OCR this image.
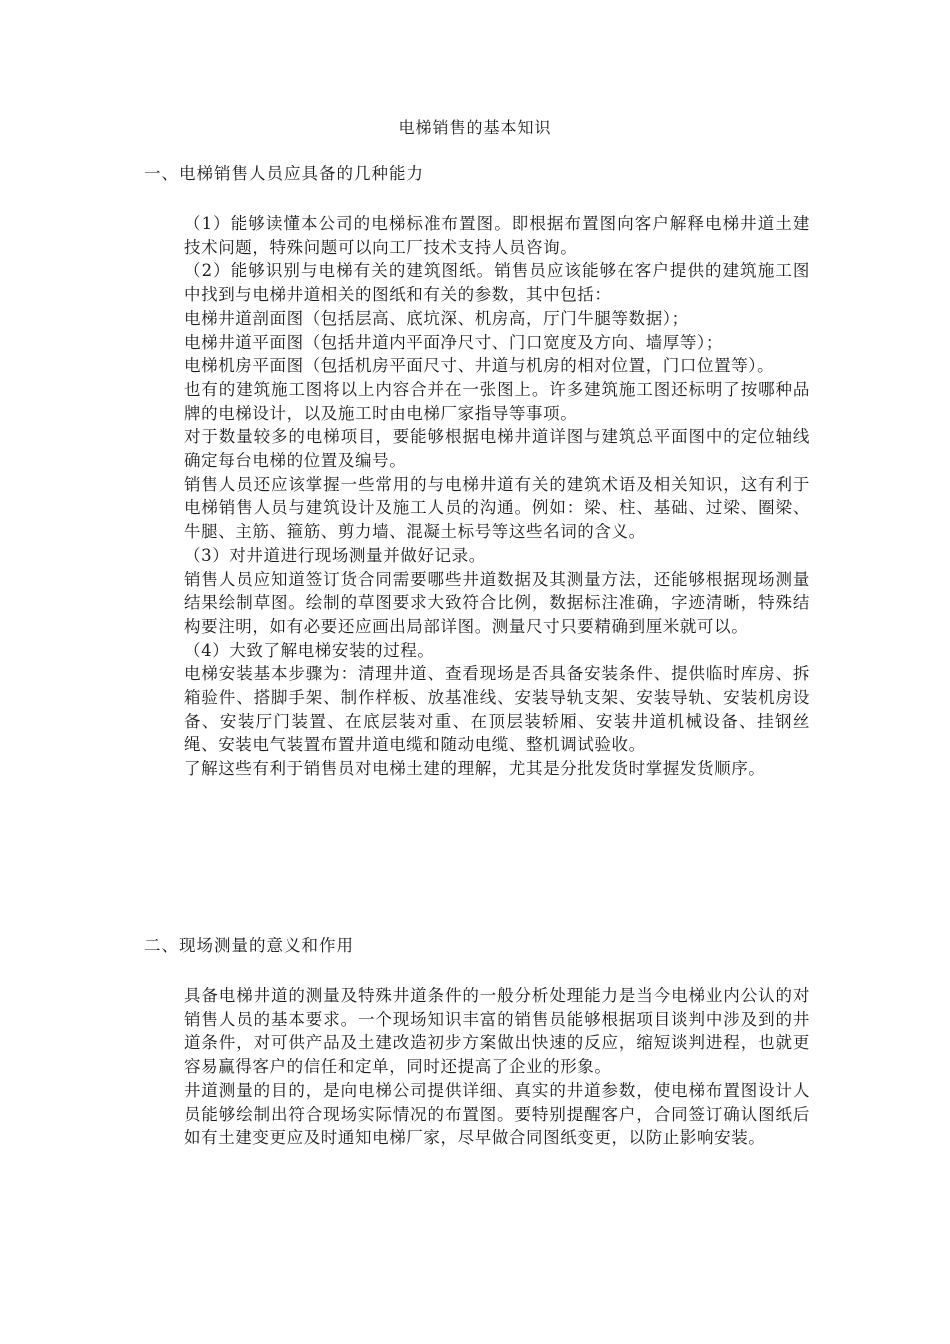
电梯销售的基本知识
一、电梯销售人员应具备的几种能力

（1）能够读懂本公司的电梯标准布置图。即根据布置图向客户解释电梯井道土建技术问题，特殊问题可以向工厂技术支持人员咨询。

（2）能够识别与电梯有关的建筑图纸。销售员应该能够在客户提供的建筑施工图中找到与电梯井道相关的图纸和有关的参数，其中包括：

电梯井道剖面图（包括层高、底坑深、机房高，厅门牛腿等数据）；

电梯井道平面图（包括井道内平面净尺寸、门口宽度及方向、墙厚等）；

电梯机房平面图（包括机房平面尺寸、井道与机房的相对位置，门口位置等）。

也有的建筑施工图将以上内容合并在一张图上。许多建筑施工图还标明了按哪种品牌的电梯设计，以及施工时由电梯厂家指导等事项。

对于数量较多的电梯项目，要能够根据电梯井道详图与建筑总平面图中的定位轴线确定每台电梯的位置及编号。

销售人员还应该掌握一些常用的与电梯井道有关的建筑术语及相关知识，这有利于电梯销售人员与建筑设计及施工人员的沟通。例如：梁、柱、基础、过梁、圈梁、牛腿、主筋、箍筋、剪力墙、混凝土标号等这些名词的含义。

（3）对井道进行现场测量并做好记录。

销售人员应知道签订货合同需要哪些井道数据及其测量方法，还能够根据现场测量结果绘制草图。绘制的草图要求大致符合比例，数据标注准确，字迹清晰，特殊结构要注明，如有必要还应画出局部详图。测量尺寸只要精确到厘米就可以。

（4）大致了解电梯安装的过程。

电梯安装基本步骤为：清理井道、查看现场是否具备安装条件、提供临时库房、拆箱验件、搭脚手架、制作样板、放基准线、安装导轨支架、安装导轨、安装机房设备、安装厅门装置、在底层装对重、在顶层装轿厢、安装井道机械设备、挂钢丝绳、安装电气装置布置井道电缆和随动电缆、整机调试验收。

了解这些有利于销售员对电梯土建的理解，尤其是分批发货时掌握发货顺序。

二、现场测量的意义和作用

具备电梯井道的测量及特殊井道条件的一般分析处理能力是当今电梯业内公认的对销售人员的基本要求。一个现场知识丰富的销售员能够根据项目谈判中涉及到的井道条件，对可供产品及土建改造初步方案做出快速的反应，缩短谈判进程，也就更容易赢得客户的信任和定单，同时还提高了企业的形象。

井道测量的目的，是向电梯公司提供详细、真实的井道参数，使电梯布置图设计人员能够绘制出符合现场实际情况的布置图。要特别提醒客户，合同签订确认图纸后如有土建变更应及时通知电梯厂家，尽早做合同图纸变更，以防止影响安装。
